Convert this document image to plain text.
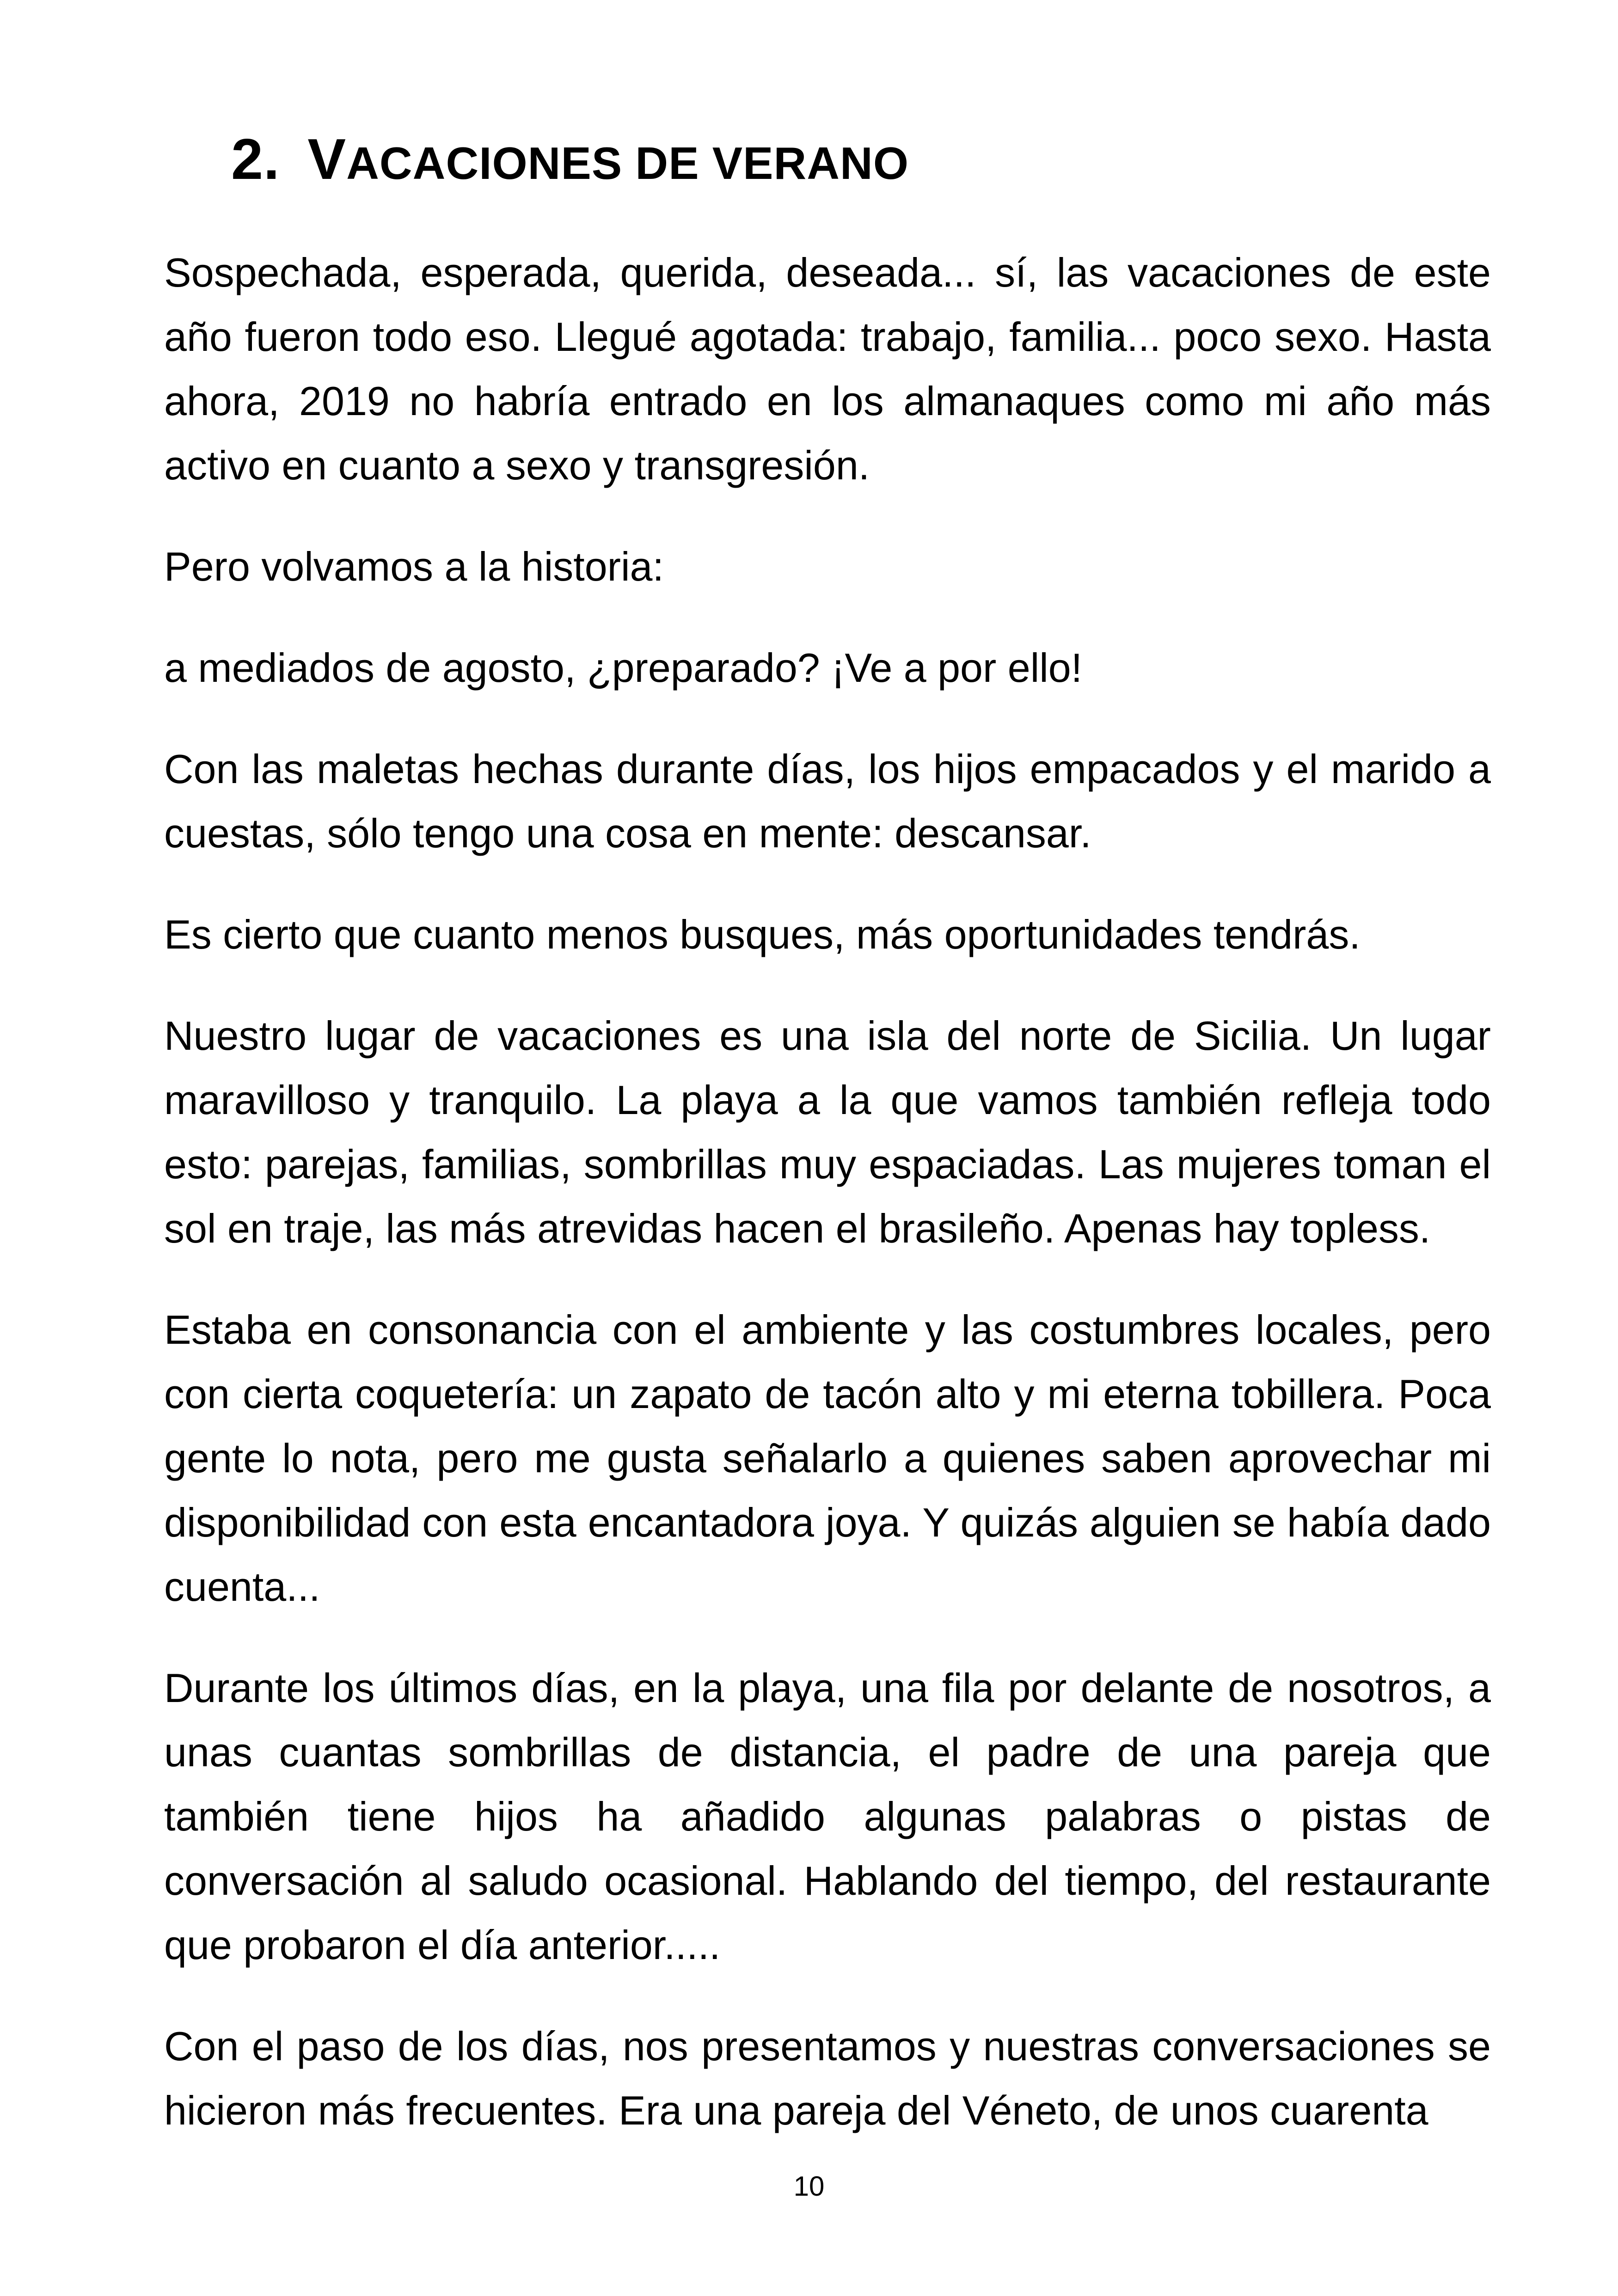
2. VACACIONES DE VERANO

Sospechada, esperada, querida, deseada... sí, las vacaciones de este año fueron todo eso. Llegué agotada: trabajo, familia... poco sexo. Hasta ahora, 2019 no habría entrado en los almanaques como mi año más activo en cuanto a sexo y transgresión.

Pero volvamos a la historia:

a mediados de agosto, ¿preparado? ¡Ve a por ello!

Con las maletas hechas durante días, los hijos empacados y el marido a cuestas, sólo tengo una cosa en mente: descansar.

Es cierto que cuanto menos busques, más oportunidades tendrás.

Nuestro lugar de vacaciones es una isla del norte de Sicilia. Un lugar maravilloso y tranquilo. La playa a la que vamos también refleja todo esto: parejas, familias, sombrillas muy espaciadas. Las mujeres toman el sol en traje, las más atrevidas hacen el brasileño. Apenas hay topless.

Estaba en consonancia con el ambiente y las costumbres locales, pero con cierta coquetería: un zapato de tacón alto y mi eterna tobillera. Poca gente lo nota, pero me gusta señalarlo a quienes saben aprovechar mi disponibilidad con esta encantadora joya. Y quizás alguien se había dado cuenta...

Durante los últimos días, en la playa, una fila por delante de nosotros, a unas cuantas sombrillas de distancia, el padre de una pareja que también tiene hijos ha añadido algunas palabras o pistas de conversación al saludo ocasional. Hablando del tiempo, del restaurante que probaron el día anterior.....

Con el paso de los días, nos presentamos y nuestras conversaciones se hicieron más frecuentes. Era una pareja del Véneto, de unos cuarenta

10
